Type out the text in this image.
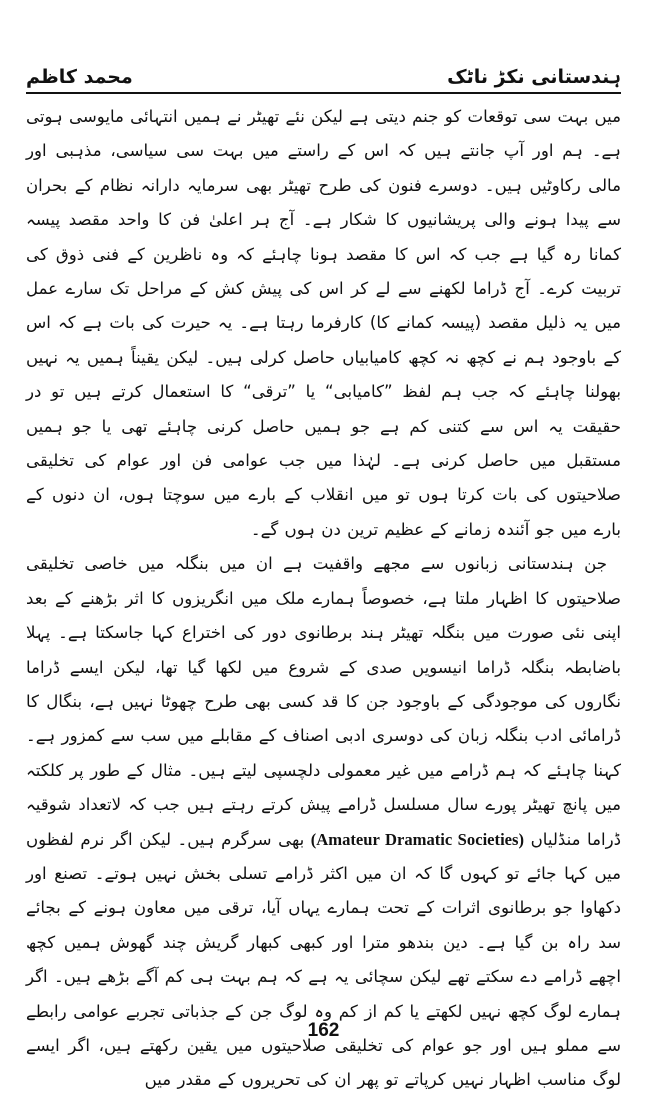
ہندستانی نکڑ ناٹک
محمد کاظم

میں بہت سی توقعات کو جنم دیتی ہے لیکن نئے تھیٹر نے ہمیں انتہائی مایوسی ہوتی ہے۔ ہم اور آپ جانتے ہیں کہ اس کے راستے میں بہت سی سیاسی، مذہبی اور مالی رکاوٹیں ہیں۔ دوسرے فنون کی طرح تھیٹر بھی سرمایہ دارانہ نظام کے بحران سے پیدا ہونے والی پریشانیوں کا شکار ہے۔ آج ہر اعلیٰ فن کا واحد مقصد پیسہ کمانا رہ گیا ہے جب کہ اس کا مقصد ہونا چاہئے کہ وہ ناظرین کے فنی ذوق کی تربیت کرے۔ آج ڈراما لکھنے سے لے کر اس کی پیش کش کے مراحل تک سارے عمل میں یہ ذلیل مقصد (پیسہ کمانے کا) کارفرما رہتا ہے۔ یہ حیرت کی بات ہے کہ اس کے باوجود ہم نے کچھ نہ کچھ کامیابیاں حاصل کرلی ہیں۔ لیکن یقیناً ہمیں یہ نہیں بھولنا چاہئے کہ جب ہم لفظ ”کامیابی“ یا ”ترقی“ کا استعمال کرتے ہیں تو در حقیقت یہ اس سے کتنی کم ہے جو ہمیں حاصل کرنی چاہئے تھی یا جو ہمیں مستقبل میں حاصل کرنی ہے۔ لہٰذا میں جب عوامی فن اور عوام کی تخلیقی صلاحیتوں کی بات کرتا ہوں تو میں انقلاب کے بارے میں سوچتا ہوں، ان دنوں کے بارے میں جو آئندہ زمانے کے عظیم ترین دن ہوں گے۔

جن ہندستانی زبانوں سے مجھے واقفیت ہے ان میں بنگلہ میں خاصی تخلیقی صلاحیتوں کا اظہار ملتا ہے، خصوصاً ہمارے ملک میں انگریزوں کا اثر بڑھنے کے بعد اپنی نئی صورت میں بنگلہ تھیٹر ہند برطانوی دور کی اختراع کہا جاسکتا ہے۔ پہلا باضابطہ بنگلہ ڈراما انیسویں صدی کے شروع میں لکھا گیا تھا، لیکن ایسے ڈراما نگاروں کی موجودگی کے باوجود جن کا قد کسی بھی طرح چھوٹا نہیں ہے، بنگال کا ڈرامائی ادب بنگلہ زبان کی دوسری ادبی اصناف کے مقابلے میں سب سے کمزور ہے۔ کہنا چاہئے کہ ہم ڈرامے میں غیر معمولی دلچسپی لیتے ہیں۔ مثال کے طور پر کلکتہ میں پانچ تھیٹر پورے سال مسلسل ڈرامے پیش کرتے رہتے ہیں جب کہ لاتعداد شوقیہ ڈراما منڈلیاں (Amateur Dramatic Societies) بھی سرگرم ہیں۔ لیکن اگر نرم لفظوں میں کہا جائے تو کہوں گا کہ ان میں اکثر ڈرامے تسلی بخش نہیں ہوتے۔ تصنع اور دکھاوا جو برطانوی اثرات کے تحت ہمارے یہاں آیا، ترقی میں معاون ہونے کے بجائے سد راہ بن گیا ہے۔ دین بندھو مترا اور کبھی کبھار گریش چند گھوش ہمیں کچھ اچھے ڈرامے دے سکتے تھے لیکن سچائی یہ ہے کہ ہم بہت ہی کم آگے بڑھے ہیں۔ اگر ہمارے لوگ کچھ نہیں لکھتے یا کم از کم وہ لوگ جن کے جذباتی تجربے عوامی رابطے سے مملو ہیں اور جو عوام کی تخلیقی صلاحیتوں میں یقین رکھتے ہیں، اگر ایسے لوگ مناسب اظہار نہیں کرپاتے تو پھر ان کی تحریروں کے مقدر میں

162
